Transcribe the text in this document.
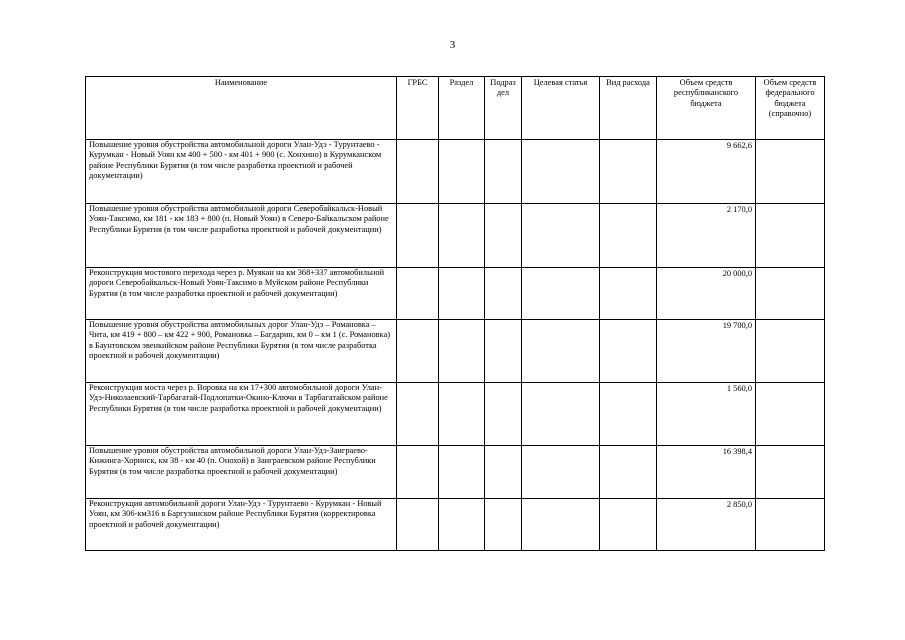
3
Наименование	ГРБС	Раздел	Подраз дел	Целевая статья	Вид расхода	Объем средств республиканского бюджета	Объем средств федерального бюджета (справочно)
Повышение уровня обустройства автомобильной дороги Улан-Удэ - Турунтаево - Курумкан - Новый Уоян км 400 + 500 - км 401 + 900 (с. Хонхино) в Курумканском районе Республики Бурятия (в том числе разработка проектной и рабочей документации)						9 662,6	
Повышение уровня обустройства автомобильной дороги Северобайкальск-Новый Уоян-Таксимо, км 181 - км 183 + 800 (п. Новый Уоян) в Северо-Байкальском районе Республики Бурятия (в том числе разработка проектной и рабочей документации)						2 170,0	
Реконструкция мостового перехода через р. Муякан на км 368+337 автомобильной дороги Северобайкальск-Новый Уоян-Таксимо в Муйском районе Республики Бурятия (в том числе разработка проектной и рабочей документации)						20 000,0	
Повышение уровня обустройства автомобильных дорог Улан-Удэ – Романовка – Чита, км 419 + 800 – км 422 + 900, Романовка – Багдарин, км 0 – км 1 (с. Романовка) в Баунтовском эвенкийском районе Республики Бурятия (в том числе разработка проектной и рабочей документации)						19 700,0	
Реконструкция моста через р. Воровка на км 17+300 автомобильной дороги Улан-Удэ-Николаевский-Тарбагатай-Подлопатки-Окино-Ключи в Тарбагатайском районе Республики Бурятия (в том числе разработка проектной и рабочей документации)						1 560,0	
Повышение уровня обустройства автомобильной дороги Улан-Удэ-Заиграево-Кижинга-Хоринск, км 38 - км 40 (п. Онохой) в Заиграевском районе Республики Бурятия (в том числе разработка проектной и рабочей документации)						16 398,4	
Реконструкция автомобильной дороги Улан-Удэ - Турунтаево - Курумкан - Новый Уоян, км 306-км316 в Баргузинском районе Республики Бурятия (корректировка проектной и рабочей документации)						2 850,0	
